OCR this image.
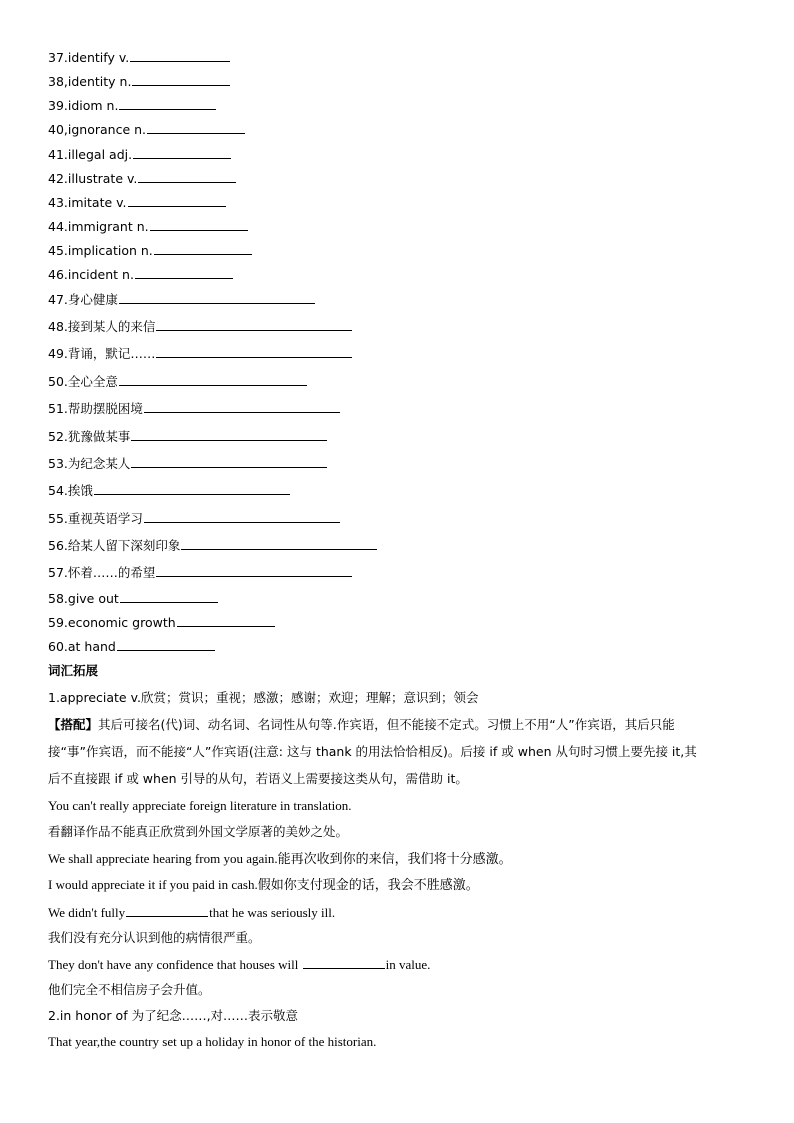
37.identify v.
38,identity n.
39.idiom n.
40,ignorance n.
41.illegal adj.
42.illustrate v.
43.imitate v.
44.immigrant n.
45.implication n.
46.incident n.
47.身心健康
48.接到某人的来信
49.背诵，默记……
50.全心全意
51.帮助摆脱困境
52.犹豫做某事
53.为纪念某人
54.挨饿
55.重视英语学习
56.给某人留下深刻印象
57.怀着……的希望
58.give out
59.economic growth
60.at hand
词汇拓展
1.appreciate v.欣赏；赏识；重视；感激；感谢；欢迎；理解；意识到；领会
【搭配】其后可接名(代)词、动名词、名词性从句等.作宾语，但不能接不定式。习惯上不用“人”作宾语，其后只能
接“事”作宾语，而不能接“人”作宾语(注意: 这与 thank 的用法恰恰相反)。后接 if 或 when 从句时习惯上要先接 it,其
后不直接跟 if 或 when 引导的从句，若语义上需要接这类从句，需借助 it。
You can't really appreciate foreign literature in translation.
看翻译作品不能真正欣赏到外国文学原著的美妙之处。
We shall appreciate hearing from you again.能再次收到你的来信，我们将十分感激。
I would appreciate it if you paid in cash.假如你支付现金的话，我会不胜感激。
We didn't fully	that he was seriously ill.
我们没有充分认识到他的病情很严重。
They don't have any confidence that houses will	in value.
他们完全不相信房子会升值。
2.in honor of 为了纪念……,对……表示敬意
That year,the country set up a holiday in honor of the historian.
